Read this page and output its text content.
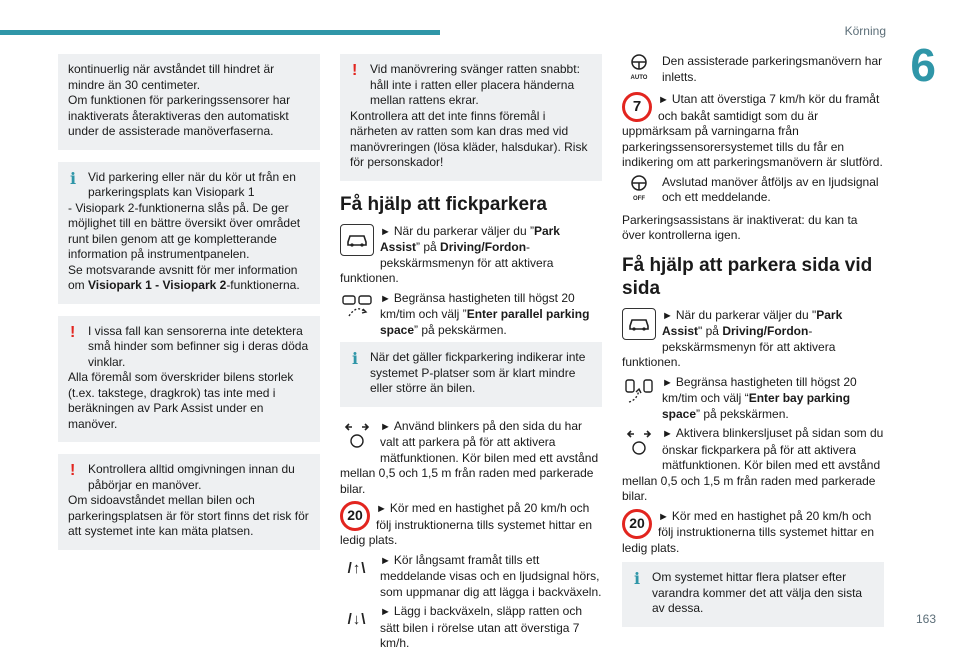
Körning
6
163
kontinuerlig när avståndet till hindret är mindre än 30 centimeter.
Om funktionen för parkeringssensorer har inaktiverats återaktiveras den automatiskt under de assisterade manöverfaserna.
i Vid parkering eller när du kör ut från en parkeringsplats kan Visiopark 1
- Visiopark 2-funktionerna slås på. De ger möjlighet till en bättre översikt över området runt bilen genom att ge kompletterande information på instrumentpanelen.
Se motsvarande avsnitt för mer information om Visiopark 1 - Visiopark 2-funktionerna.
! I vissa fall kan sensorerna inte detektera små hinder som befinner sig i deras döda vinklar.
Alla föremål som överskrider bilens storlek (t.ex. takstege, dragkrok) tas inte med i beräkningen av Park Assist under en manöver.
! Kontrollera alltid omgivningen innan du påbörjar en manöver.
Om sidoavståndet mellan bilen och parkeringsplatsen är för stort finns det risk för att systemet inte kan mäta platsen.
! Vid manövrering svänger ratten snabbt: håll inte i ratten eller placera händerna mellan rattens ekrar.
Kontrollera att det inte finns föremål i närheten av ratten som kan dras med vid manövreringen (lösa kläder, halsdukar). Risk för personskador!
Få hjälp att fickparkera
► När du parkerar väljer du ”Park Assist” på Driving/Fordon-pekskärmsmenyn för att aktivera funktionen.
► Begränsa hastigheten till högst 20 km/tim och välj ”Enter parallel parking space” på pekskärmen.
i När det gäller fickparkering indikerar inte systemet P-platser som är klart mindre eller större än bilen.
► Använd blinkers på den sida du har valt att parkera på för att aktivera mätfunktionen. Kör bilen med ett avstånd mellan 0,5 och 1,5 m från raden med parkerade bilar.
20	► Kör med en hastighet på 20 km/h och följ instruktionerna tills systemet hittar en ledig plats.
/↑\	► Kör långsamt framåt tills ett meddelande visas och en ljudsignal hörs, som uppmanar dig att lägga i backväxeln.
/↓\	► Lägg i backväxeln, släpp ratten och sätt bilen i rörelse utan att överstiga 7 km/h.
AUTO
Den assisterade parkeringsmanövern har inletts.
7	► Utan att överstiga 7 km/h kör du framåt och bakåt samtidigt som du är uppmärksam på varningarna från parkeringssensorersystemet tills du får en indikering om att parkeringsmanövern är slutförd.
OFF
Avslutad manöver åtföljs av en ljudsignal och ett meddelande.
Parkeringsassistans är inaktiverat: du kan ta över kontrollerna igen.
Få hjälp att parkera sida vid sida
► När du parkerar väljer du "Park Assist" på Driving/Fordon-pekskärmsmenyn för att aktivera funktionen.
► Begränsa hastigheten till högst 20 km/tim och välj “Enter bay parking space” på pekskärmen.
► Aktivera blinkersljuset på sidan som du önskar fickparkera på för att aktivera mätfunktionen. Kör bilen med ett avstånd mellan 0,5 och 1,5 m från raden med parkerade bilar.
20	► Kör med en hastighet på 20 km/h och följ instruktionerna tills systemet hittar en ledig plats.
i Om systemet hittar flera platser efter varandra kommer det att välja den sista av dessa.
